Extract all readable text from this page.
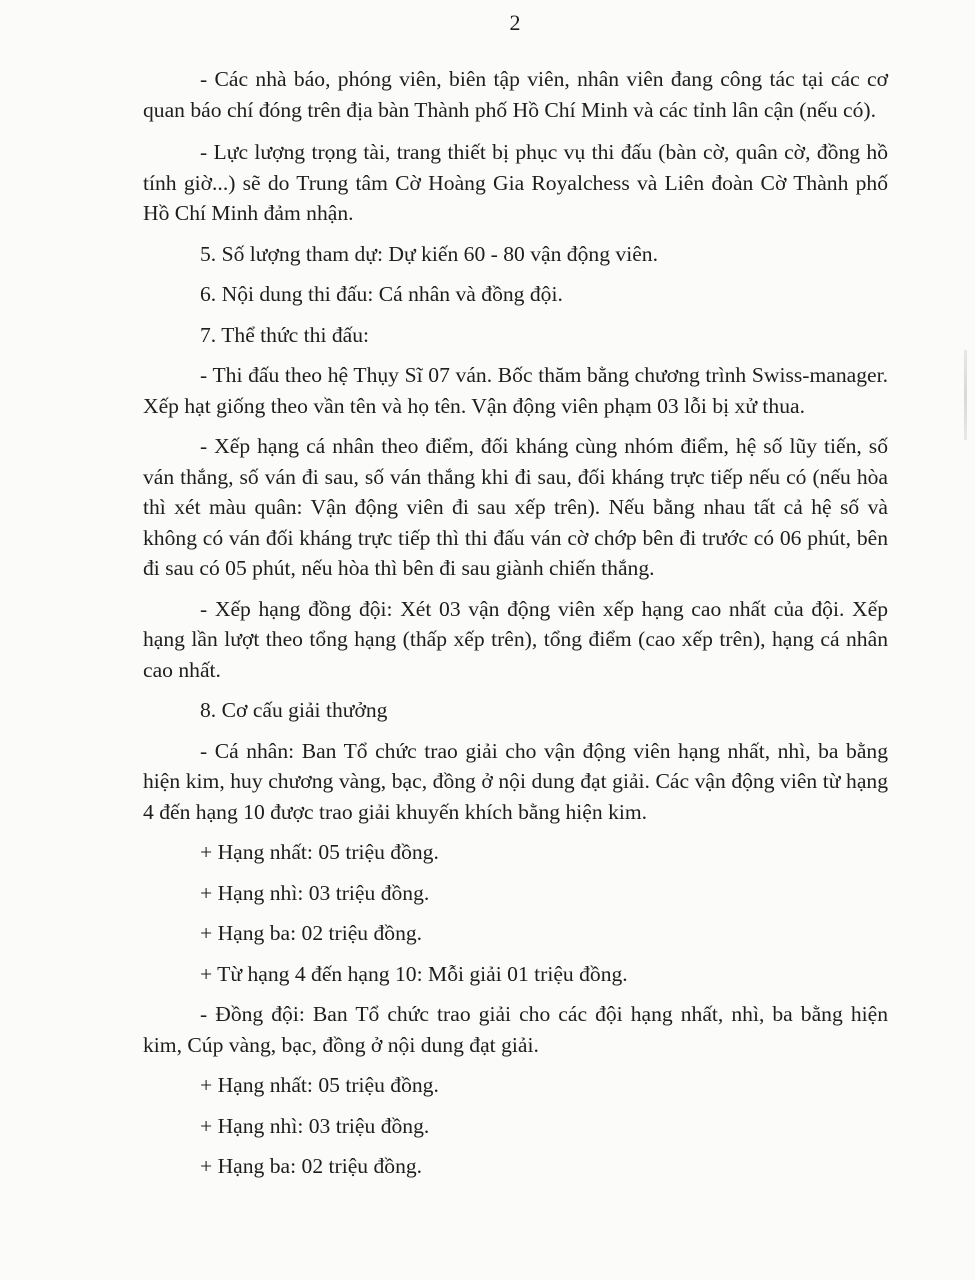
2

- Các nhà báo, phóng viên, biên tập viên, nhân viên đang công tác tại các cơ quan báo chí đóng trên địa bàn Thành phố Hồ Chí Minh và các tỉnh lân cận (nếu có).

- Lực lượng trọng tài, trang thiết bị phục vụ thi đấu (bàn cờ, quân cờ, đồng hồ tính giờ...) sẽ do Trung tâm Cờ Hoàng Gia Royalchess và Liên đoàn Cờ Thành phố Hồ Chí Minh đảm nhận.

5. Số lượng tham dự: Dự kiến 60 - 80 vận động viên.

6. Nội dung thi đấu: Cá nhân và đồng đội.

7. Thể thức thi đấu:

- Thi đấu theo hệ Thụy Sĩ 07 ván. Bốc thăm bằng chương trình Swiss-manager. Xếp hạt giống theo vần tên và họ tên. Vận động viên phạm 03 lỗi bị xử thua.

- Xếp hạng cá nhân theo điểm, đối kháng cùng nhóm điểm, hệ số lũy tiến, số ván thắng, số ván đi sau, số ván thắng khi đi sau, đối kháng trực tiếp nếu có (nếu hòa thì xét màu quân: Vận động viên đi sau xếp trên). Nếu bằng nhau tất cả hệ số và không có ván đối kháng trực tiếp thì thi đấu ván cờ chớp bên đi trước có 06 phút, bên đi sau có 05 phút, nếu hòa thì bên đi sau giành chiến thắng.

- Xếp hạng đồng đội: Xét 03 vận động viên xếp hạng cao nhất của đội. Xếp hạng lần lượt theo tổng hạng (thấp xếp trên), tổng điểm (cao xếp trên), hạng cá nhân cao nhất.

8. Cơ cấu giải thưởng

- Cá nhân: Ban Tổ chức trao giải cho vận động viên hạng nhất, nhì, ba bằng hiện kim, huy chương vàng, bạc, đồng ở nội dung đạt giải. Các vận động viên từ hạng 4 đến hạng 10 được trao giải khuyến khích bằng hiện kim.

+ Hạng nhất: 05 triệu đồng.

+ Hạng nhì: 03 triệu đồng.

+ Hạng ba: 02 triệu đồng.

+ Từ hạng 4 đến hạng 10: Mỗi giải 01 triệu đồng.

- Đồng đội: Ban Tổ chức trao giải cho các đội hạng nhất, nhì, ba bằng hiện kim, Cúp vàng, bạc, đồng ở nội dung đạt giải.

+ Hạng nhất: 05 triệu đồng.

+ Hạng nhì: 03 triệu đồng.

+ Hạng ba: 02 triệu đồng.
